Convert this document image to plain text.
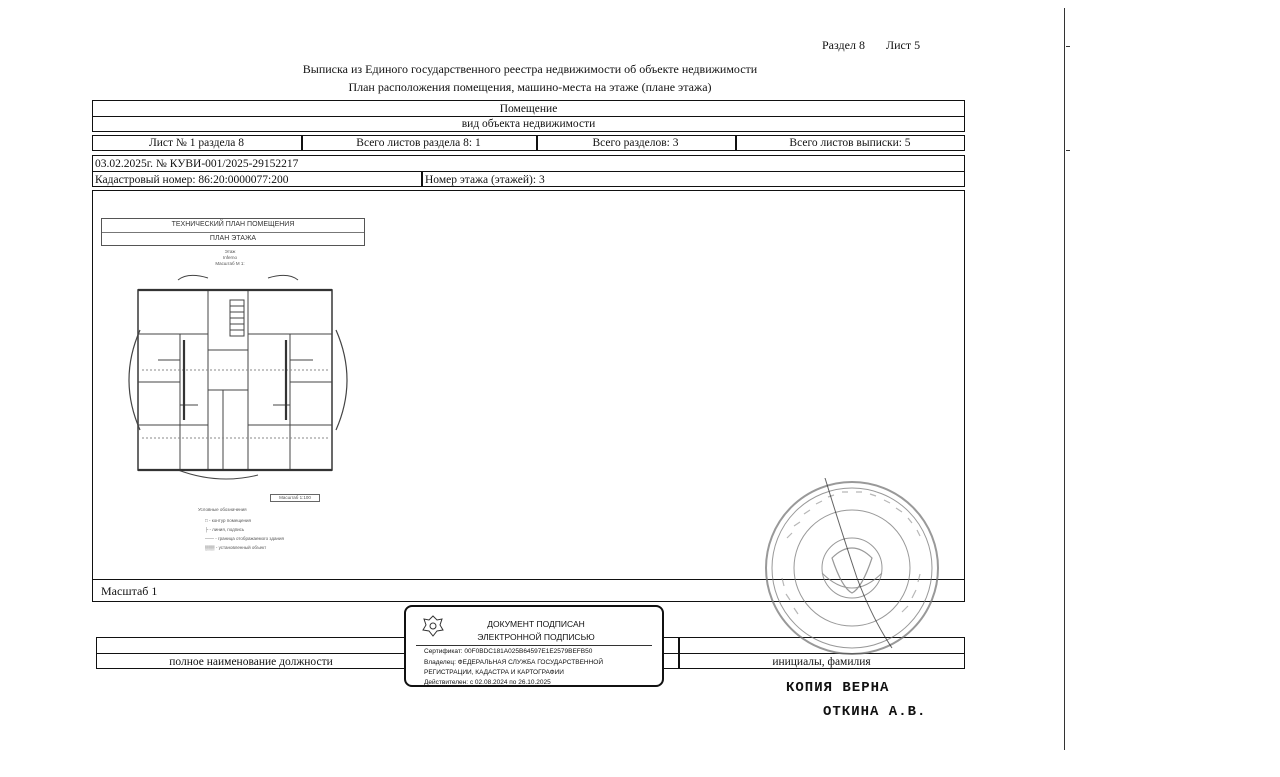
Раздел 8 Лист 5
Выписка из Единого государственного реестра недвижимости об объекте недвижимости
План расположения помещения, машино-места на этаже (плане этажа)
Помещение
вид объекта недвижимости
Лист № 1 раздела 8	Всего листов раздела 8: 1	Всего разделов: 3	Всего листов выписки: 5
03.02.2025г. № КУВИ-001/2025-29152217
Кадастровый номер: 86:20:0000077:200	Номер этажа (этажей): 3
Масштаб 1
ТЕХНИЧЕСКИЙ ПЛАН ПОМЕЩЕНИЯ
ПЛАН ЭТАЖА
Этаж
Inferno
Масштаб М 1:
Масштаб 1:100
Условные обозначения
□ - контур помещения
├ - линия, подпись
—— - граница отображаемого здания
▒▒▒ - установленный объект
полное наименование должности	инициалы, фамилия
ДОКУМЕНТ ПОДПИСАН
ЭЛЕКТРОННОЙ ПОДПИСЬЮ
Сертификат: 00F0BDC181A025B64597E1E2579BEFB50
Владелец: ФЕДЕРАЛЬНАЯ СЛУЖБА ГОСУДАРСТВЕННОЙ
РЕГИСТРАЦИИ, КАДАСТРА И КАРТОГРАФИИ
Действителен: с 02.08.2024 по 26.10.2025	КОПИЯ ВЕРНА
ОТКИНА А.В.
